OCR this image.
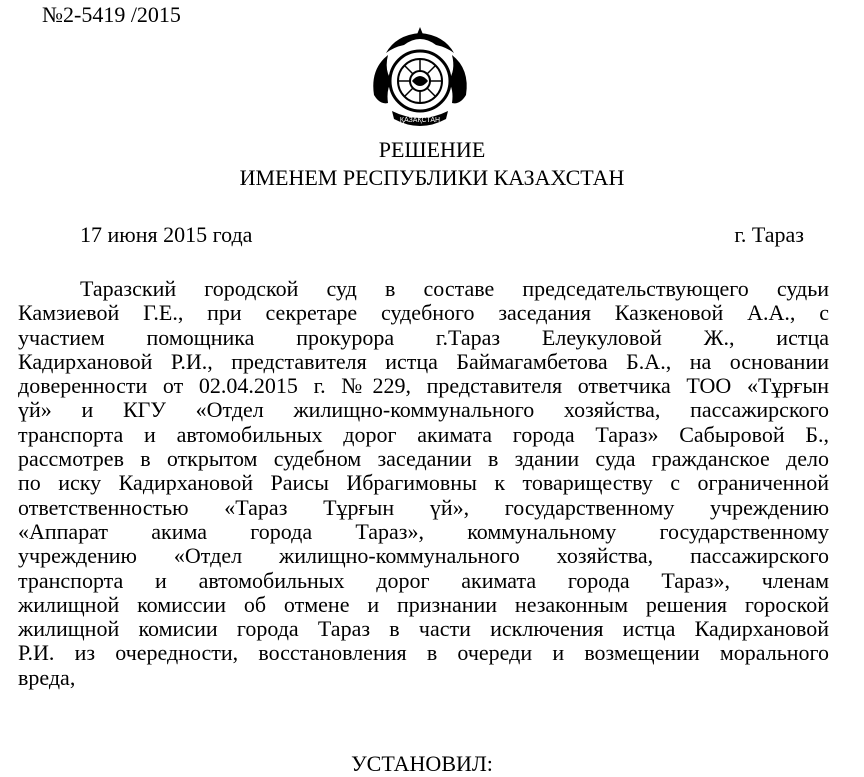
№2-5419 /2015
ҚАЗАҚСТАН
РЕШЕНИЕ
ИМЕНЕМ РЕСПУБЛИКИ КАЗАХСТАН
17 июня 2015 года	г. Тараз
Таразский городской суд в составе председательствующего судьи
Камзиевой Г.Е., при секретаре судебного заседания Казкеновой А.А., с
участием помощника прокурора г.Тараз Елеукуловой Ж., истца
Кадирхановой Р.И., представителя истца Баймагамбетова Б.А., на основании
доверенности от 02.04.2015 г. №229, представителя ответчика ТОО «Тұрғын
үй» и КГУ «Отдел жилищно-коммунального хозяйства, пассажирского
транспорта и автомобильных дорог акимата города Тараз» Сабыровой Б.,
рассмотрев в открытом судебном заседании в здании суда гражданское дело
по иску Кадирхановой Раисы Ибрагимовны к товариществу с ограниченной
ответственностью «Тараз Тұрғын үй», государственному учреждению
«Аппарат акима города Тараз», коммунальному государственному
учреждению «Отдел жилищно-коммунального хозяйства, пассажирского
транспорта и автомобильных дорог акимата города Тараз», членам
жилищной комиссии об отмене и признании незаконным решения гороской
жилищной комисии города Тараз в части исключения истца Кадирхановой
Р.И. из очередности, восстановления в очереди и возмещении морального
вреда,
УСТАНОВИЛ:
